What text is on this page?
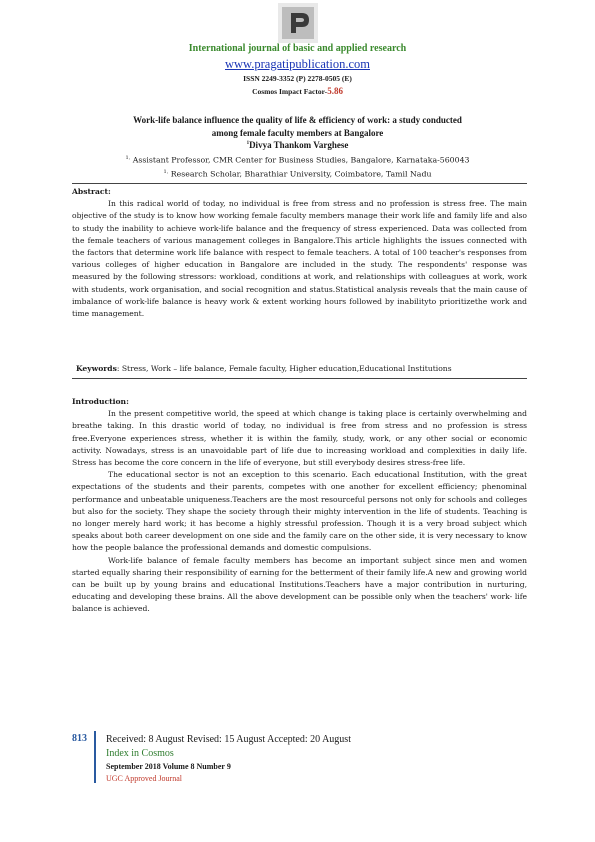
International journal of basic and applied research
www.pragatipublication.com
ISSN 2249-3352 (P) 2278-0505 (E)
Cosmos Impact Factor-5.86
Work-life balance influence the quality of life & efficiency of work: a study conducted
among female faculty members at Bangalore
$^1$Divya Thankom Varghese
$^{1,}$ Assistant Professor, CMR Center for Business Studies, Bangalore, Karnataka-560043
$^{1,}$ Research Scholar, Bharathiar University, Coimbatore, Tamil Nadu
Abstract:

In this radical world of today, no individual is free from stress and no profession is stress free. The main objective of the study is to know how working female faculty members manage their work life and family life and also to study the inability to achieve work-life balance and the frequency of stress experienced. Data was collected from the female teachers of various management colleges in Bangalore.This article highlights the issues connected with the factors that determine work life balance with respect to female teachers. A total of 100 teacher's responses from various colleges of higher education in Bangalore are included in the study. The respondents' response was measured by the following stressors: workload, conditions at work, and relationships with colleagues at work, work with students, work organisation, and social recognition and status.Statistical analysis reveals that the main cause of imbalance of work-life balance is heavy work & extent working hours followed by inabilityto prioritizethe work and time management.

Keywords: Stress, Work – life balance, Female faculty, Higher education,Educational Institutions
Introduction:

In the present competitive world, the speed at which change is taking place is certainly overwhelming and breathe taking. In this drastic world of today, no individual is free from stress and no profession is stress free.Everyone experiences stress, whether it is within the family, study, work, or any other social or economic activity. Nowadays, stress is an unavoidable part of life due to increasing workload and complexities in daily life. Stress has become the core concern in the life of everyone, but still everybody desires stress-free life.

The educational sector is not an exception to this scenario. Each educational Institution, with the great expectations of the students and their parents, competes with one another for excellent efficiency; phenominal performance and unbeatable uniqueness.Teachers are the most resourceful persons not only for schools and colleges but also for the society. They shape the society through their mighty intervention in the life of students. Teaching is no longer merely hard work; it has become a highly stressful profession. Though it is a very broad subject which speaks about both career development on one side and the family care on the other side, it is very necessary to know how the people balance the professional demands and domestic compulsions.

Work-life balance of female faculty members has become an important subject since men and women started equally sharing their responsibility of earning for the betterment of their family life.A new and growing world can be built up by young brains and educational Institutions.Teachers have a major contribution in nurturing, educating and developing these brains. All the above development can be possible only when the teachers' work- life balance is achieved.

813 Received: 8 August Revised: 15 August Accepted: 20 August
Index in Cosmos
September 2018 Volume 8 Number 9
UGC Approved Journal
